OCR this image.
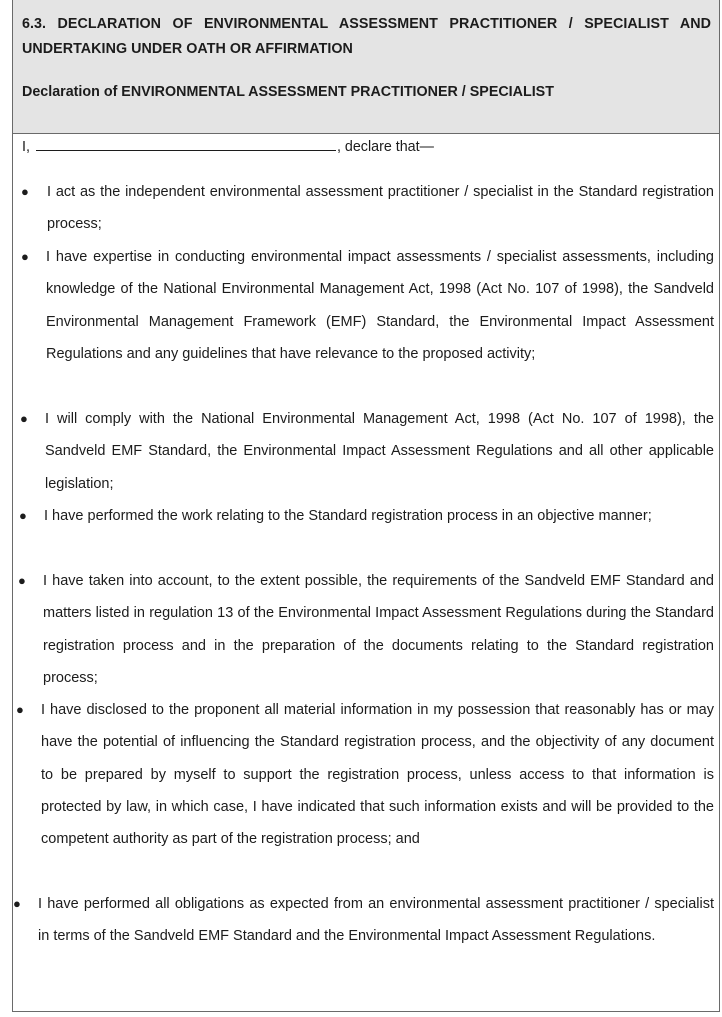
6.3. DECLARATION OF ENVIRONMENTAL ASSESSMENT PRACTITIONER / SPECIALIST AND UNDERTAKING UNDER OATH OR AFFIRMATION

Declaration of ENVIRONMENTAL ASSESSMENT PRACTITIONER / SPECIALIST

I,	, declare that—
● I act as the independent environmental assessment practitioner / specialist in the Standard registration process;
● I have expertise in conducting environmental impact assessments / specialist assessments, including knowledge of the National Environmental Management Act, 1998 (Act No. 107 of 1998), the Sandveld Environmental Management Framework (EMF) Standard, the Environmental Impact Assessment Regulations and any guidelines that have relevance to the proposed activity;
● I will comply with the National Environmental Management Act, 1998 (Act No. 107 of 1998), the Sandveld EMF Standard, the Environmental Impact Assessment Regulations and all other applicable legislation;
● I have performed the work relating to the Standard registration process in an objective manner;
● I have taken into account, to the extent possible, the requirements of the Sandveld EMF Standard and matters listed in regulation 13 of the Environmental Impact Assessment Regulations during the Standard registration process and in the preparation of the documents relating to the Standard registration process;
● I have disclosed to the proponent all material information in my possession that reasonably has or may have the potential of influencing the Standard registration process, and the objectivity of any document to be prepared by myself to support the registration process, unless access to that information is protected by law, in which case, I have indicated that such information exists and will be provided to the competent authority as part of the registration process; and
● I have performed all obligations as expected from an environmental assessment practitioner / specialist in terms of the Sandveld EMF Standard and the Environmental Impact Assessment Regulations.
